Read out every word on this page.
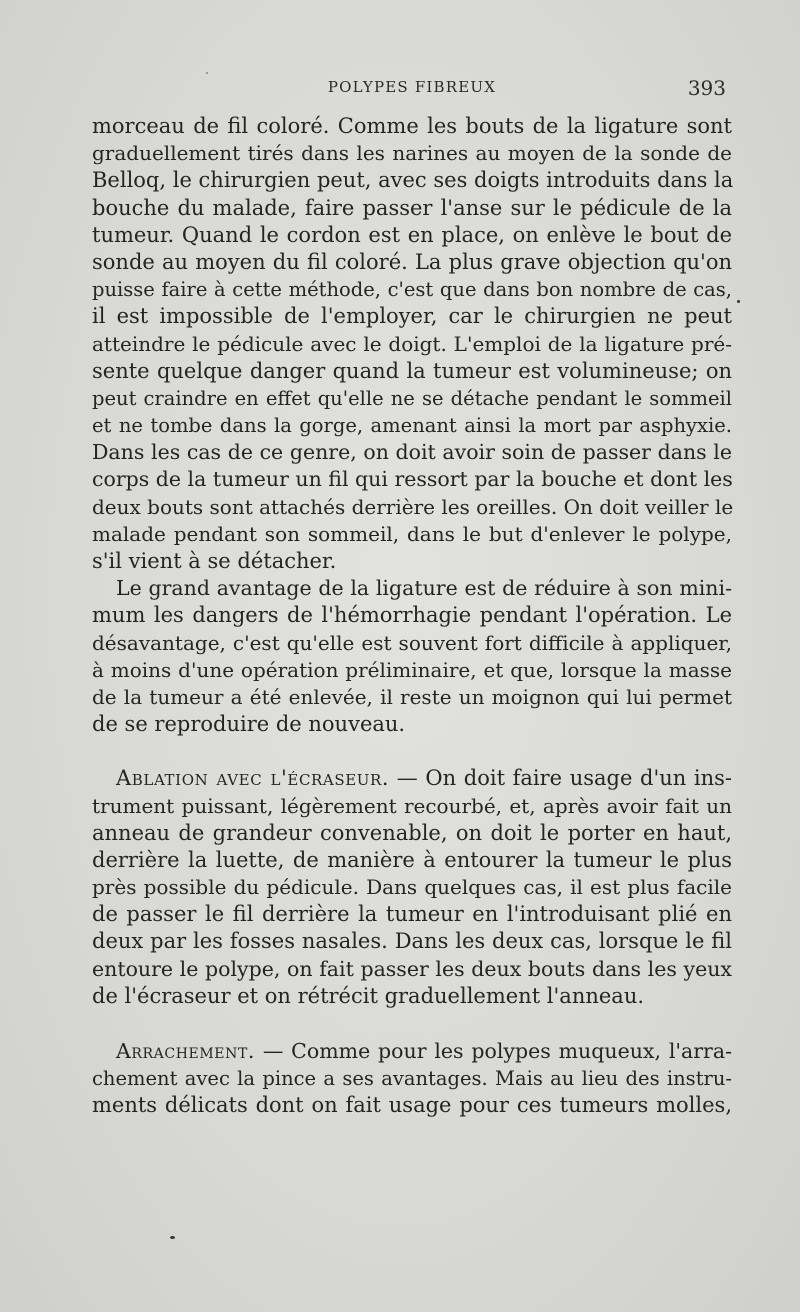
POLYPES FIBREUX	393
morceau de fil coloré. Comme les bouts de la ligature sont
graduellement tirés dans les narines au moyen de la sonde de
Belloq, le chirurgien peut, avec ses doigts introduits dans la
bouche du malade, faire passer l'anse sur le pédicule de la
tumeur. Quand le cordon est en place, on enlève le bout de
sonde au moyen du fil coloré. La plus grave objection qu'on
puisse faire à cette méthode, c'est que dans bon nombre de cas,
il est impossible de l'employer, car le chirurgien ne peut
atteindre le pédicule avec le doigt. L'emploi de la ligature pré-
sente quelque danger quand la tumeur est volumineuse; on
peut craindre en effet qu'elle ne se détache pendant le sommeil
et ne tombe dans la gorge, amenant ainsi la mort par asphyxie.
Dans les cas de ce genre, on doit avoir soin de passer dans le
corps de la tumeur un fil qui ressort par la bouche et dont les
deux bouts sont attachés derrière les oreilles. On doit veiller le
malade pendant son sommeil, dans le but d'enlever le polype,
s'il vient à se détacher.
Le grand avantage de la ligature est de réduire à son mini-
mum les dangers de l'hémorrhagie pendant l'opération. Le
désavantage, c'est qu'elle est souvent fort difficile à appliquer,
à moins d'une opération préliminaire, et que, lorsque la masse
de la tumeur a été enlevée, il reste un moignon qui lui permet
de se reproduire de nouveau.
Ablation avec l'écraseur. — On doit faire usage d'un ins-
trument puissant, légèrement recourbé, et, après avoir fait un
anneau de grandeur convenable, on doit le porter en haut,
derrière la luette, de manière à entourer la tumeur le plus
près possible du pédicule. Dans quelques cas, il est plus facile
de passer le fil derrière la tumeur en l'introduisant plié en
deux par les fosses nasales. Dans les deux cas, lorsque le fil
entoure le polype, on fait passer les deux bouts dans les yeux
de l'écraseur et on rétrécit graduellement l'anneau.
Arrachement. — Comme pour les polypes muqueux, l'arra-
chement avec la pince a ses avantages. Mais au lieu des instru-
ments délicats dont on fait usage pour ces tumeurs molles,
